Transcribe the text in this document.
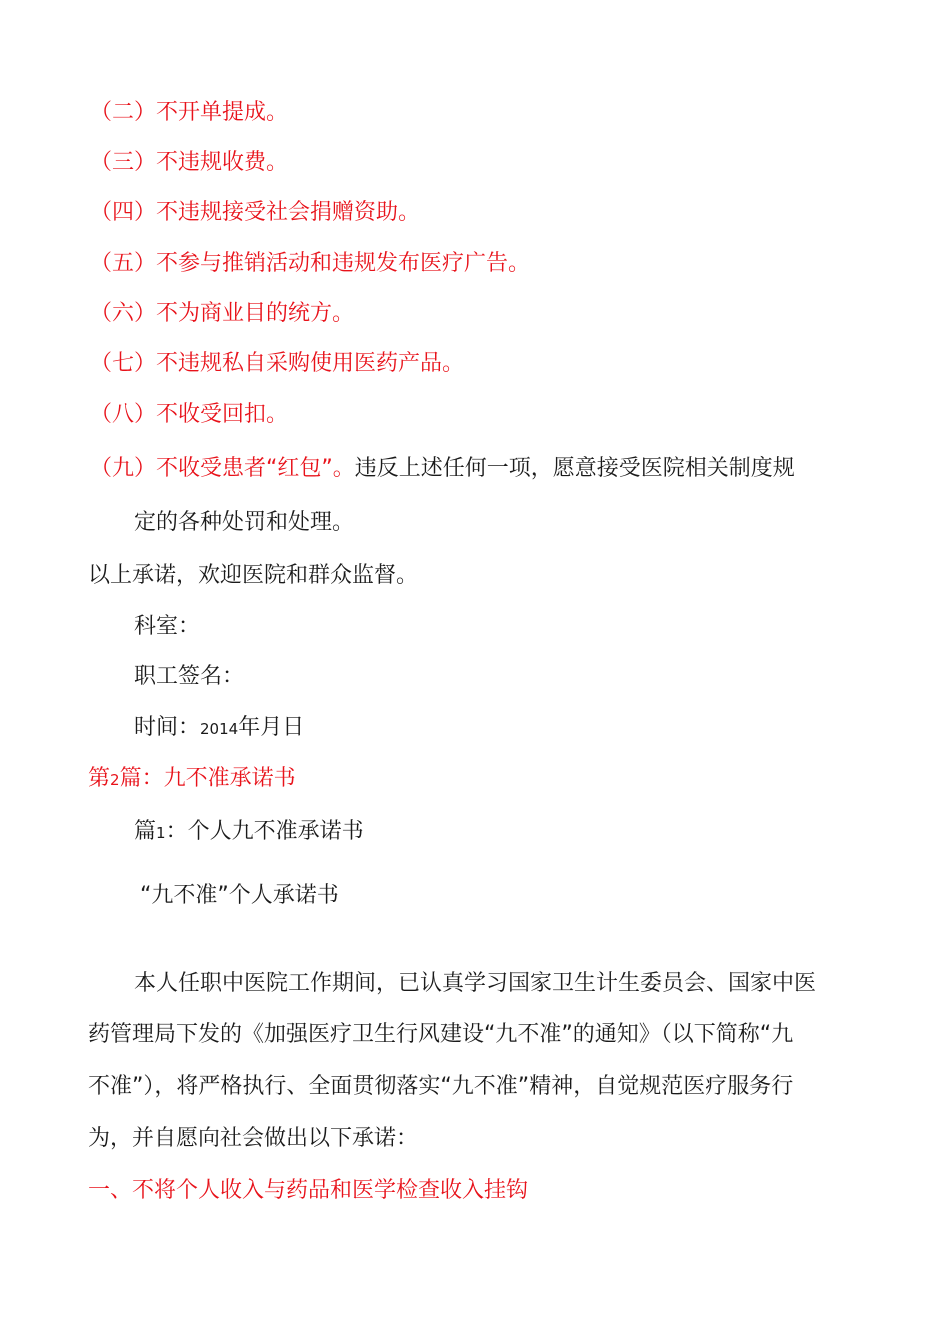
（二）不开单提成。
（三）不违规收费。
（四）不违规接受社会捐赠资助。
（五）不参与推销活动和违规发布医疗广告。
（六）不为商业目的统方。
（七）不违规私自采购使用医药产品。
（八）不收受回扣。
（九）不收受患者“红包”。违反上述任何一项，愿意接受医院相关制度规
定的各种处罚和处理。
以上承诺，欢迎医院和群众监督。
科室：
职工签名：
时间：2014年月日
第2篇：九不准承诺书
篇1：个人九不准承诺书
“九不准”个人承诺书
本人任职中医院工作期间，已认真学习国家卫生计生委员会、国家中医
药管理局下发的《加强医疗卫生行风建设“九不准”的通知》（以下简称“九
不准”），将严格执行、全面贯彻落实“九不准”精神，自觉规范医疗服务行
为，并自愿向社会做出以下承诺：
一、不将个人收入与药品和医学检查收入挂钩
